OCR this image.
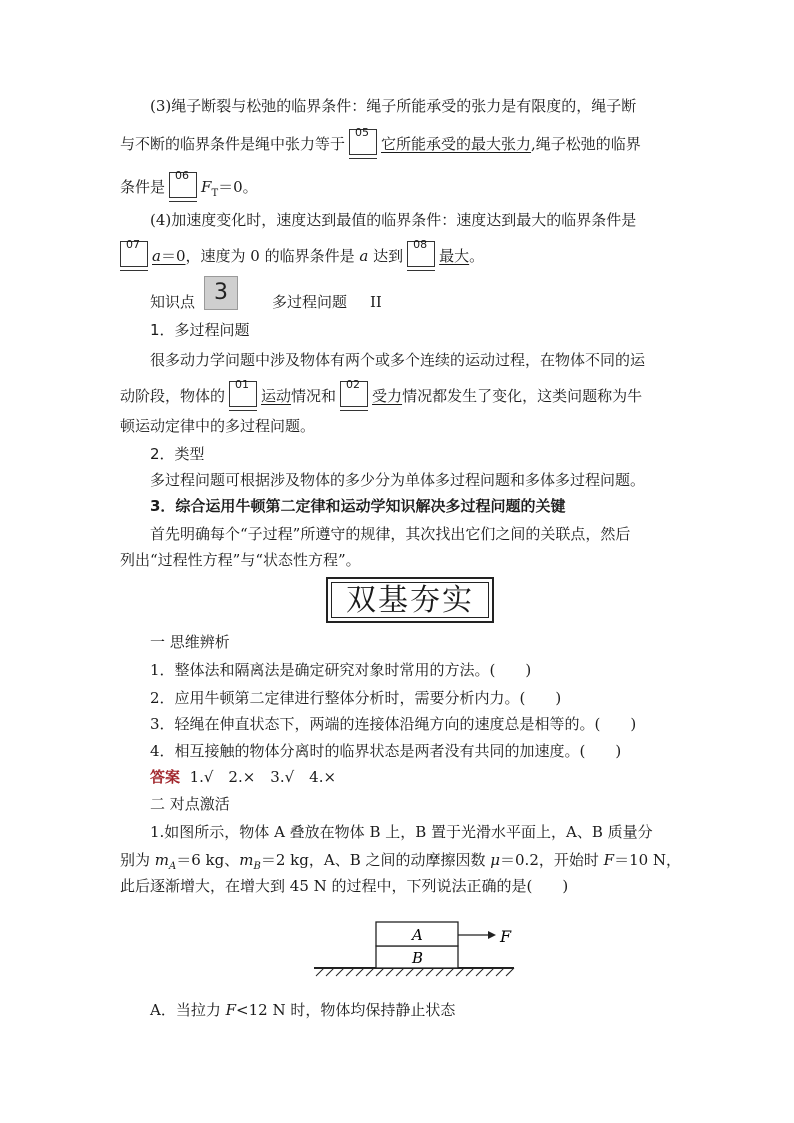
(3)绳子断裂与松弛的临界条件：绳子所能承受的张力是有限度的，绳子断
与不断的临界条件是绳中张力等于
05
它所能承受的最大张力,绳子松弛的临界
条件是
06
$F_T=0$。
(4)加速度变化时，速度达到最值的临界条件：速度达到最大的临界条件是
07
a＝0，速度为 0 的临界条件是 a 达到
08
最大。
知识点 3	多过程问题 II
1．多过程问题
很多动力学问题中涉及物体有两个或多个连续的运动过程，在物体不同的运
动阶段，物体的
01
运动情况和
02
受力情况都发生了变化，这类问题称为牛
顿运动定律中的多过程问题。
2．类型
多过程问题可根据涉及物体的多少分为单体多过程问题和多体多过程问题。
3．综合运用牛顿第二定律和运动学知识解决多过程问题的关键
首先明确每个“子过程”所遵守的规律，其次找出它们之间的关联点，然后
列出“过程性方程”与“状态性方程”。
双基夯实
一 思维辨析
1．整体法和隔离法是确定研究对象时常用的方法。(　　)
2．应用牛顿第二定律进行整体分析时，需要分析内力。(　　)
3．轻绳在伸直状态下，两端的连接体沿绳方向的速度总是相等的。(　　)
4．相互接触的物体分离时的临界状态是两者没有共同的加速度。(　　)
答案 1.√　2.×　3.√　4.×
二 对点激活
1.如图所示，物体 A 叠放在物体 B 上，B 置于光滑水平面上，A、B 质量分
别为 $m_A=6$ kg、$m_B=2$ kg，A、B 之间的动摩擦因数 μ＝0.2，开始时 F＝10 N，
此后逐渐增大，在增大到 45 N 的过程中，下列说法正确的是(　　)
A
B
F
A．当拉力 F<12 N 时，物体均保持静止状态
